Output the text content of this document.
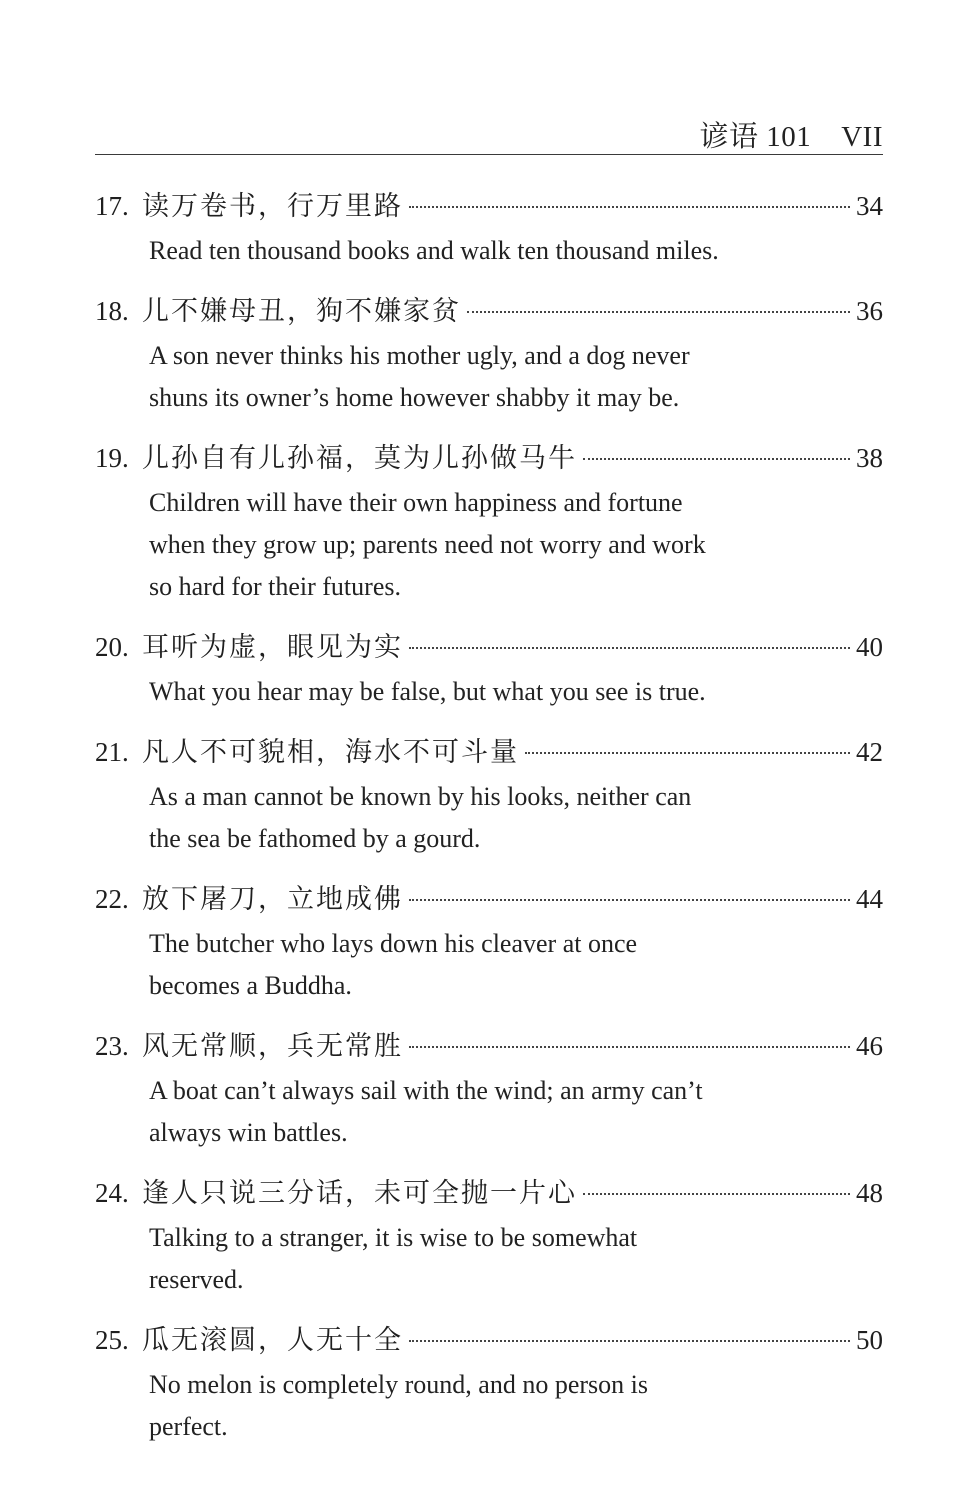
谚语 101 VII
17. 读万卷书，行万里路	34
Read ten thousand books and walk ten thousand miles.
18. 儿不嫌母丑，狗不嫌家贫	36
A son never thinks his mother ugly, and a dog never
shuns its owner’s home however shabby it may be.
19. 儿孙自有儿孙福，莫为儿孙做马牛	38
Children will have their own happiness and fortune
when they grow up; parents need not worry and work
so hard for their futures.
20. 耳听为虚，眼见为实	40
What you hear may be false, but what you see is true.
21. 凡人不可貌相，海水不可斗量	42
As a man cannot be known by his looks, neither can
the sea be fathomed by a gourd.
22. 放下屠刀，立地成佛	44
The butcher who lays down his cleaver at once
becomes a Buddha.
23. 风无常顺，兵无常胜	46
A boat can’t always sail with the wind; an army can’t
always win battles.
24. 逢人只说三分话，未可全抛一片心	48
Talking to a stranger, it is wise to be somewhat
reserved.
25. 瓜无滚圆，人无十全	50
No melon is completely round, and no person is
perfect.
